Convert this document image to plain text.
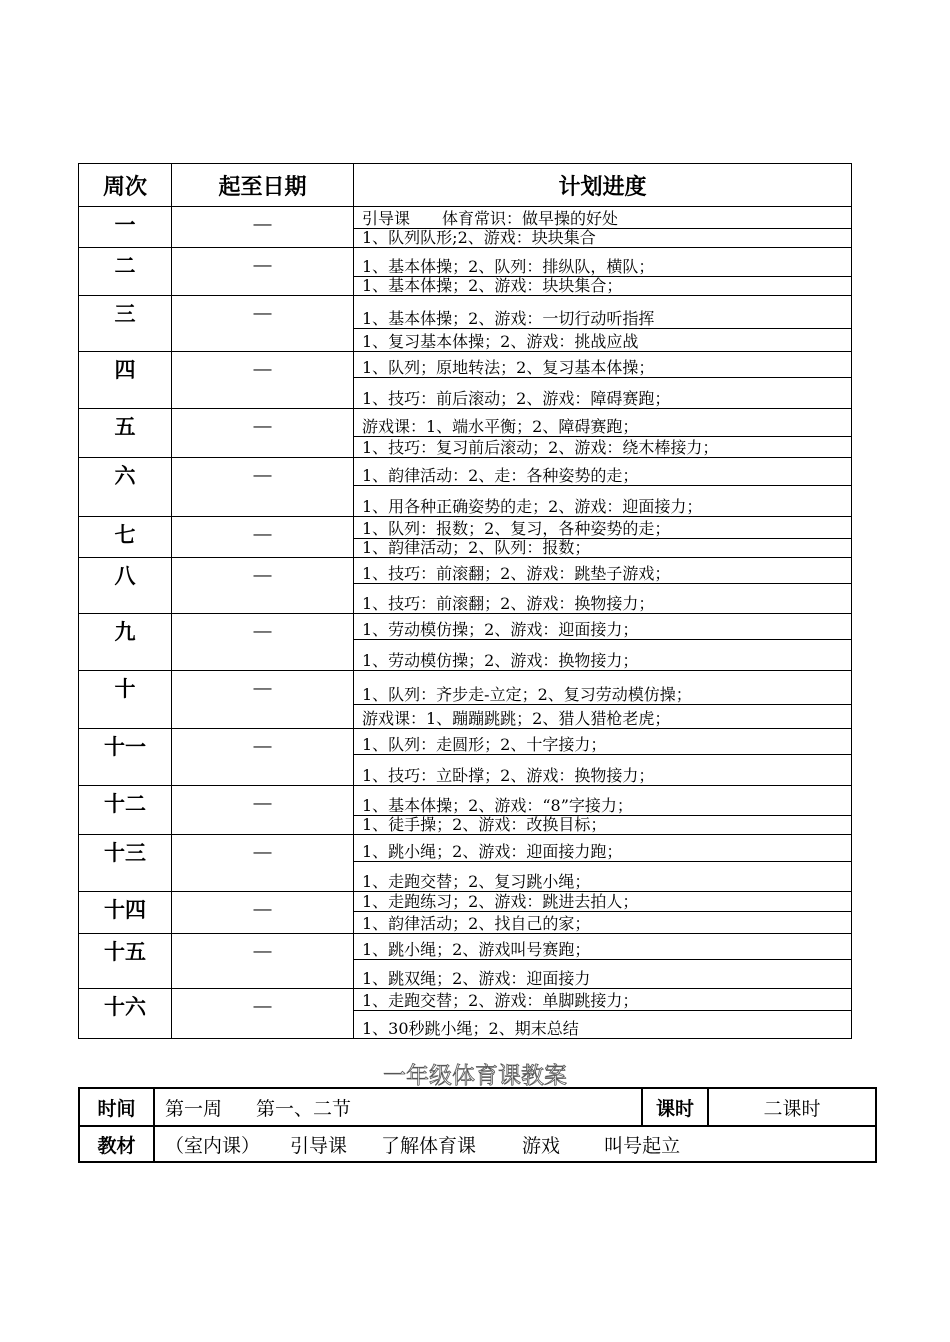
周次	起至日期	计划进度
一	——	引导课　　体育常识：做早操的好处
1、队列队形;2、游戏：块块集合

二	——	1、基本体操；2、队列：排纵队，横队；
1、基本体操；2、游戏：块块集合；

三	——	1、基本体操；2、游戏：一切行动听指挥
1、复习基本体操；2、游戏：挑战应战

四	——	1、队列；原地转法；2、复习基本体操；
1、技巧：前后滚动；2、游戏：障碍赛跑；

五	——	游戏课：1、端水平衡；2、障碍赛跑；
1、技巧：复习前后滚动；2、游戏：绕木棒接力；

六	——	1、韵律活动：2、走：各种姿势的走；
1、用各种正确姿势的走；2、游戏：迎面接力；

七	——	1、队列：报数；2、复习，各种姿势的走；
1、韵律活动；2、队列：报数；

八	——	1、技巧：前滚翻；2、游戏：跳垫子游戏；
1、技巧：前滚翻；2、游戏：换物接力；

九	——	1、劳动模仿操；2、游戏：迎面接力；
1、劳动模仿操；2、游戏：换物接力；

十	——	1、队列：齐步走-立定；2、复习劳动模仿操；
游戏课：1、蹦蹦跳跳；2、猎人猎枪老虎；

十一	——	1、队列：走圆形；2、十字接力；
1、技巧：立卧撑；2、游戏：换物接力；

十二	——	1、基本体操；2、游戏：“8”字接力；
1、徒手操；2、游戏：改换目标；

十三	——	1、跳小绳；2、游戏：迎面接力跑；
1、走跑交替；2、复习跳小绳；

十四	——	1、走跑练习；2、游戏：跳进去拍人；
1、韵律活动；2、找自己的家；

十五	——	1、跳小绳；2、游戏叫号赛跑；
1、跳双绳；2、游戏：迎面接力

十六	——	1、走跑交替；2、游戏：单脚跳接力；
1、30秒跳小绳；2、期末总结
一年级体育课教案
时间	第一周 第一、二节	课时	二课时
教材	（室内课） 引导课 了解体育课 游戏 叫号起立		
